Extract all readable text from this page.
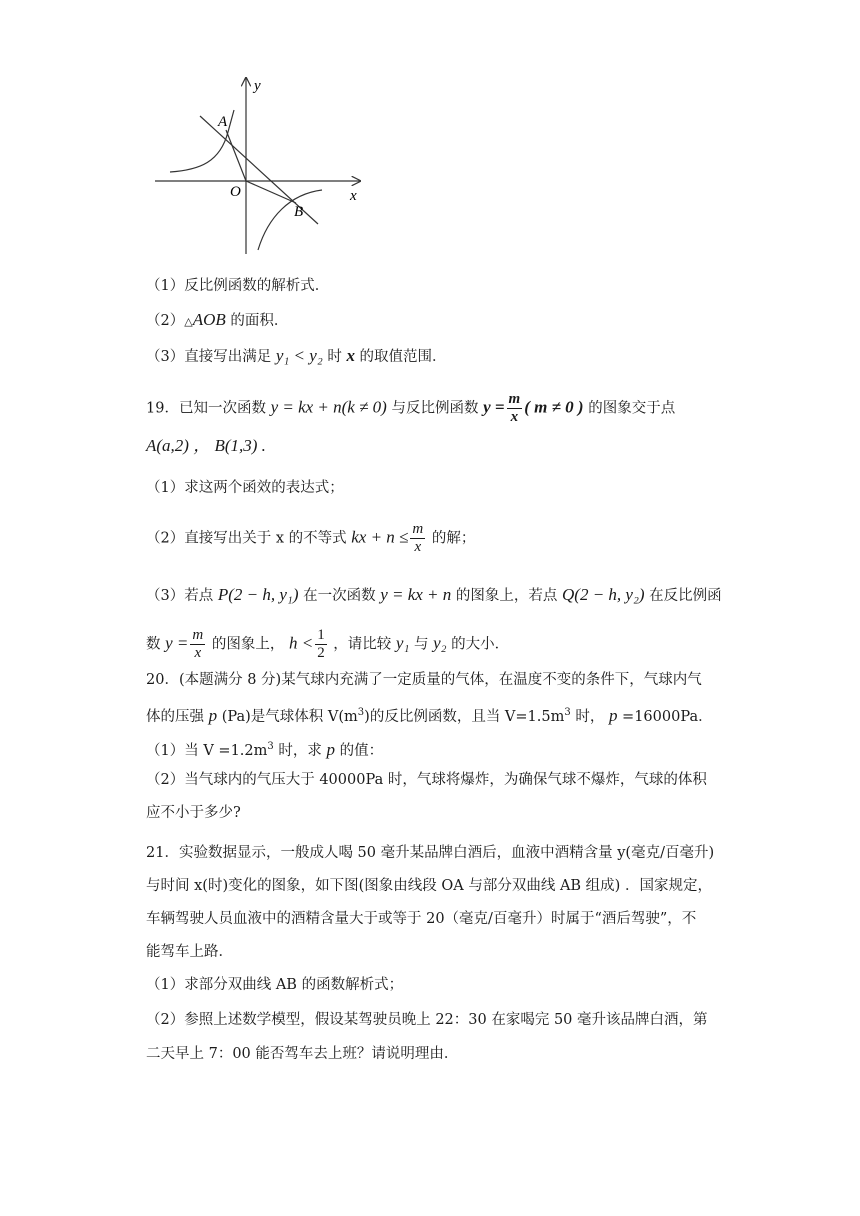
y
x
O
A
B
（1）反比例函数的解析式．
（2）△AOB 的面积．
（3）直接写出满足 y₁ < y₂ 时 x 的取值范围．
19．已知一次函数 y = kx + n(k ≠ 0) 与反比例函数 $y = \frac{m}{x}$ ( m ≠ 0 ) 的图象交于点
A(a,2) ， B(1,3) .
（1）求这两个函效的表达式；
（2）直接写出关于 x 的不等式 kx + $n \le \frac{m}{x}$ 的解；
（3）若点 P(2 − h, y₁) 在一次函数 y = kx + n 的图象上，若点 Q(2 − h, y₂) 在反比例函
数 $y = \frac{m}{x}$ 的图象上， $h < \frac{1}{2}$ ，请比较 y₁ 与 y₂ 的大小．
20．(本题满分 8 分)某气球内充满了一定质量的气体，在温度不变的条件下，气球内气
体的压强 p (Pa)是气球体积 $V(m^3)$的反比例函数，且当 $V=1.5m^3$ 时， p =16000Pa．
（1）当 $V =1.2m^3$ 时，求 p 的值：
（2）当气球内的气压大于 40000Pa 时，气球将爆炸，为确保气球不爆炸，气球的体积
应不小于多少?
21．实验数据显示，一般成人喝 50 毫升某品牌白酒后，血液中酒精含量 y(毫克/百毫升)
与时间 x(时)变化的图象，如下图(图象由线段 OA 与部分双曲线 AB 组成) ．国家规定，
车辆驾驶人员血液中的酒精含量大于或等于 20（毫克/百毫升）时属于“酒后驾驶”，不
能驾车上路．
（1）求部分双曲线 AB 的函数解析式；
（2）参照上述数学模型，假设某驾驶员晚上 22：30 在家喝完 50 毫升该品牌白酒，第
二天早上 7：00 能否驾车去上班？请说明理由．
